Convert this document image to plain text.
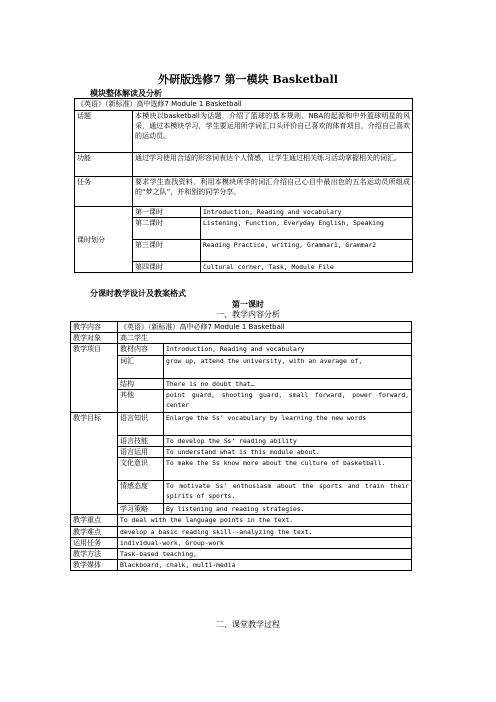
外研版选修7 第一模块 Basketball
模块整体解读及分析
《英语》（新标准）高中选修7 Module 1 Basketball		
话题	本模块以basketball为话题，介绍了篮球的基本规则、NBA的起源和中外篮球明星的风采，通过本模块学习，学生要运用所学词汇口头评价自己喜欢的体育项目，介绍自己喜欢的运动员。	
功能	通过学习使用合适的形容词表达个人情感，让学生通过相关练习活动掌握相关的词汇。	
任务	要求学生查找资料，利用本模块所学的词汇介绍自己心目中最出色的五名运动员所组成的“梦之队”，并和别的同学分享。	
课时划分	第一课时	Introduction, Reading and vocabulary
	第二课时	Listening, Function, Everyday English, Speaking
	第三课时	Reading Practice, writing, Grammar1, Grammar2
	第四课时	Cultural corner, Task, Module File
分课时教学设计及教案格式
第一课时
一、教学内容分析
教学内容	《英语》（新标准）高中必修7 Module 1 Basketball	
教学对象	高二学生	
教学项目	教材内容	Introduction, Reading and vocabulary
	词汇	grow up, attend the university, with an average of,
	结构	There is no doubt that…
	其他	point guard, shooting guard, small forward, power forward, center
教学目标	语言知识	Enlarge the Ss’ vocabulary by learning the new words
	语言技能	To develop the Ss’ reading ability
	语言运用	To understand what is this module about.
	文化意识	To make the Ss know more about the culture of basketball.
	情感态度	To motivate Ss’ enthusiasm about the sports and train their spirits of sports.
	学习策略	By listening and reading strategies.
教学重点	To deal with the language points in the text.	
教学难点	develop a basic reading skill--analyzing the text.	
运用任务	individual-work, Group-work	
教学方法	Task-based teaching,	
教学媒体	Blackboard, chalk, multi-media	
二、课堂教学过程
